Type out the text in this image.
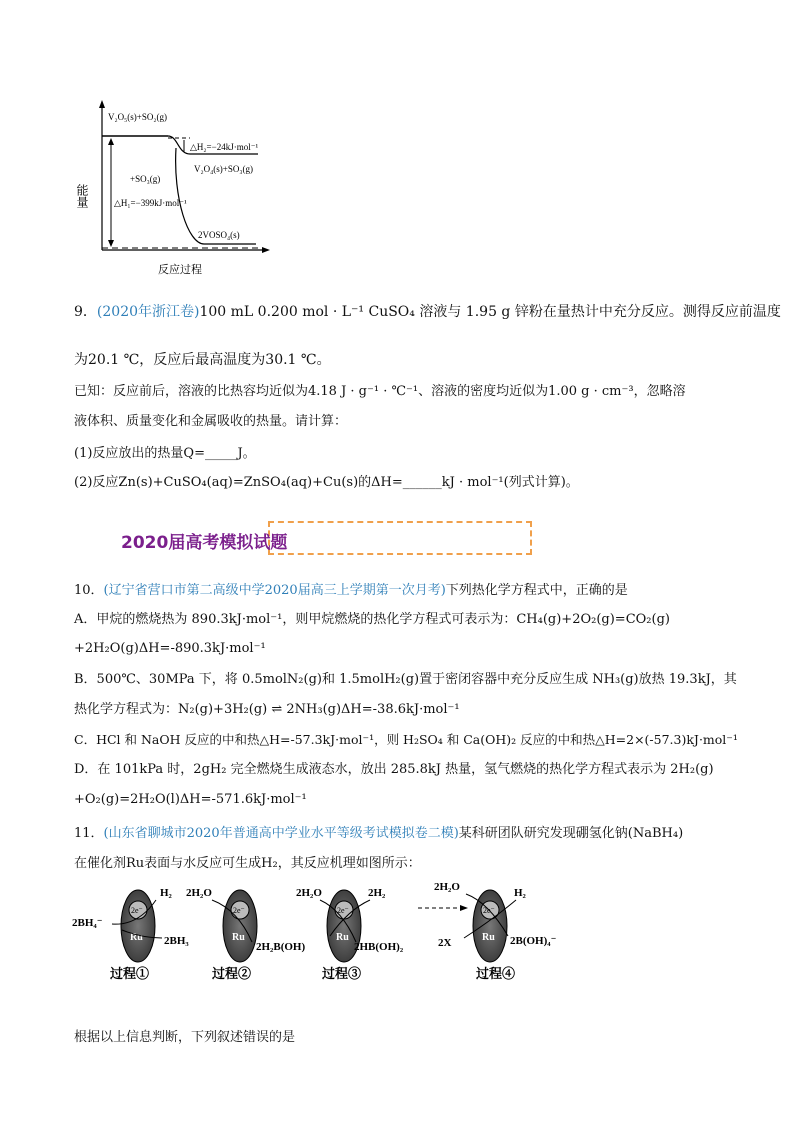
能量
反应过程
V₂O₅(s)+SO₂(g)
△H₂=−24kJ·mol⁻¹
V₂O₄(s)+SO₃(g)
+SO₃(g)
△H₁=−399kJ·mol⁻¹
2VOSO₄(s)
9．(2020年浙江卷)100 mL 0.200 mol · L⁻¹ CuSO₄ 溶液与 1.95 g 锌粉在量热计中充分反应。测得反应前温度
为20.1 ℃，反应后最高温度为30.1 ℃。
已知：反应前后，溶液的比热容均近似为4.18 J · g⁻¹ · ℃⁻¹、溶液的密度均近似为1.00 g · cm⁻³，忽略溶
液体积、质量变化和金属吸收的热量。请计算：
(1)反应放出的热量Q=_____J。
(2)反应Zn(s)+CuSO₄(aq)=ZnSO₄(aq)+Cu(s)的ΔH=______kJ · mol⁻¹(列式计算)。
2020届高考模拟试题
10．(辽宁省营口市第二高级中学2020届高三上学期第一次月考)下列热化学方程式中，正确的是
A．甲烷的燃烧热为 890.3kJ·mol⁻¹，则甲烷燃烧的热化学方程式可表示为：CH₄(g)+2O₂(g)=CO₂(g)
+2H₂O(g)ΔH=-890.3kJ·mol⁻¹
B．500℃、30MPa 下，将 0.5molN₂(g)和 1.5molH₂(g)置于密闭容器中充分反应生成 NH₃(g)放热 19.3kJ，其
热化学方程式为：N₂(g)+3H₂(g) ⇌ 2NH₃(g)ΔH=-38.6kJ·mol⁻¹
C．HCl 和 NaOH 反应的中和热△H=-57.3kJ·mol⁻¹，则 H₂SO₄ 和 Ca(OH)₂ 反应的中和热△H=2×(-57.3)kJ·mol⁻¹
D．在 101kPa 时，2gH₂ 完全燃烧生成液态水，放出 285.8kJ 热量，氢气燃烧的热化学方程式表示为 2H₂(g)
+O₂(g)=2H₂O(l)ΔH=-571.6kJ·mol⁻¹
11．(山东省聊城市2020年普通高中学业水平等级考试模拟卷二模)某科研团队研究发现硼氢化钠(NaBH₄)
在催化剂Ru表面与水反应可生成H₂，其反应机理如图所示：
2e⁻
Ru
2BH₄⁻
H₂
2BH₃
过程①
2e⁻
Ru
2H₂O
2H₂B(OH)
过程②
2e⁻
Ru
2H₂O	2H₂
2HB(OH)₂
过程③
2e⁻
Ru
2H₂O	H₂
2X	2B(OH)₄⁻
过程④
根据以上信息判断，下列叙述错误的是
